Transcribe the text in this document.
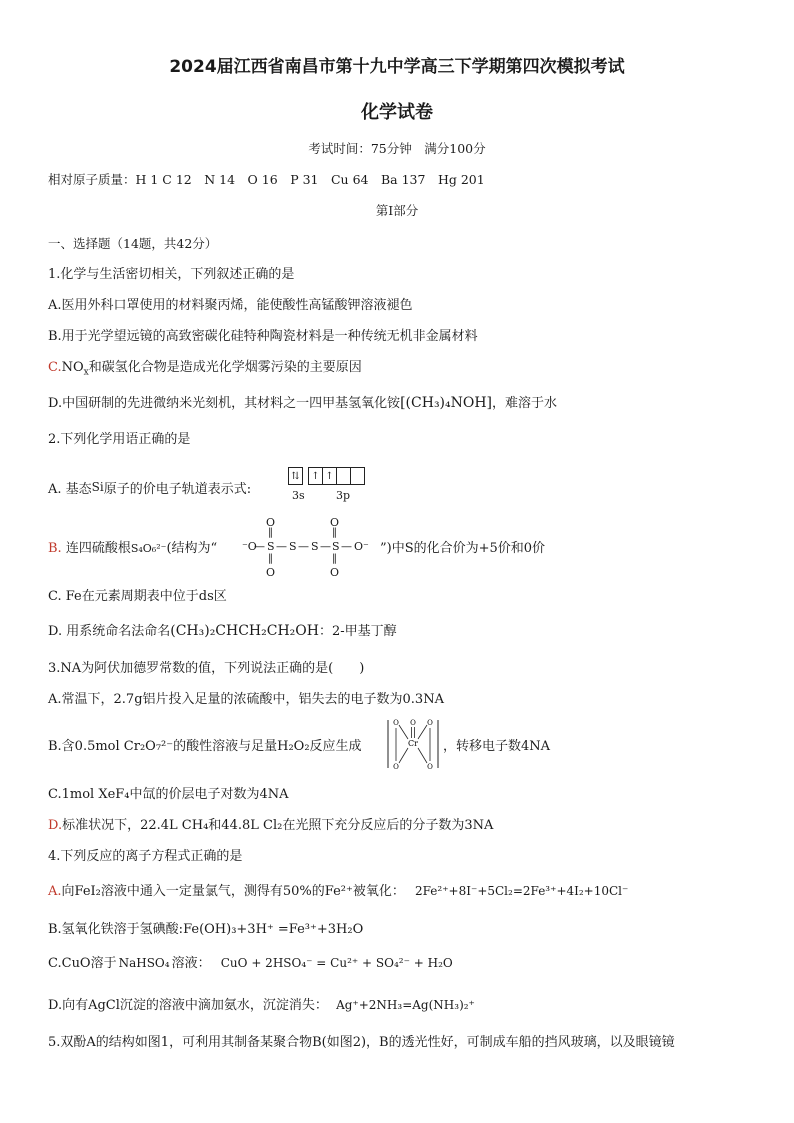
2024届江西省南昌市第十九中学高三下学期第四次模拟考试
化学试卷
考试时间：75分钟　满分100分
相对原子质量：H 1 C 12　N 14　O 16　P 31　Cu 64　Ba 137　Hg 201
第I部分
一、选择题（14题，共42分）
1.化学与生活密切相关，下列叙述正确的是
A.医用外科口罩使用的材料聚丙烯，能使酸性高锰酸钾溶液褪色
B.用于光学望远镜的高致密碳化硅特种陶瓷材料是一种传统无机非金属材料
$C.NO_x$和碳氢化合物是造成光化学烟雾污染的主要原因
D.中国研制的先进微纳米光刻机，其材料之一四甲基氢氧化铵[(CH₃)₄NOH]，难溶于水
2.下列化学用语正确的是
A. 基态Si原子的价电子轨道表示式:
⇅	↑ ↑
3s	3p
B. 连四硫酸根S₄O₆²⁻(结构为“
O	O
‖	‖
⁻O
— S — S — S — S — O⁻
‖	‖
O	O
”)中S的化合价为+5价和0价
C. Fe在元素周期表中位于ds区
D. 用系统命名法命名(CH₃)₂CHCH₂CH₂OH：2-甲基丁醇
3.NA为阿伏加德罗常数的值，下列说法正确的是(　　)
A.常温下，2.7g铝片投入足量的浓硫酸中，铝失去的电子数为0.3NA
B.含0.5mol Cr₂O₇²⁻的酸性溶液与足量H₂O₂反应生成	Cr
O O O
O	O
，转移电子数4NA
C.1mol XeF₄中氙的价层电子对数为4NA
D.标准状况下，22.4L CH₄和44.8L Cl₂在光照下充分反应后的分子数为3NA
4.下列反应的离子方程式正确的是
A.向FeI₂溶液中通入一定量氯气，测得有50%的Fe²⁺被氧化： 2Fe²⁺+8I⁻+5Cl₂=2Fe³⁺+4I₂+10Cl⁻
B.氢氧化铁溶于氢碘酸:Fe(OH)₃+3H⁺ =Fe³⁺+3H₂O
C.CuO溶于 NaHSO₄ 溶液： CuO + 2HSO₄⁻ = Cu²⁺ + SO₄²⁻ + H₂O
D.向有AgCl沉淀的溶液中滴加氨水，沉淀消失： Ag⁺+2NH₃=Ag(NH₃)₂⁺
5.双酚A的结构如图1，可利用其制备某聚合物B(如图2)，B的透光性好，可制成车船的挡风玻璃，以及眼镜镜
